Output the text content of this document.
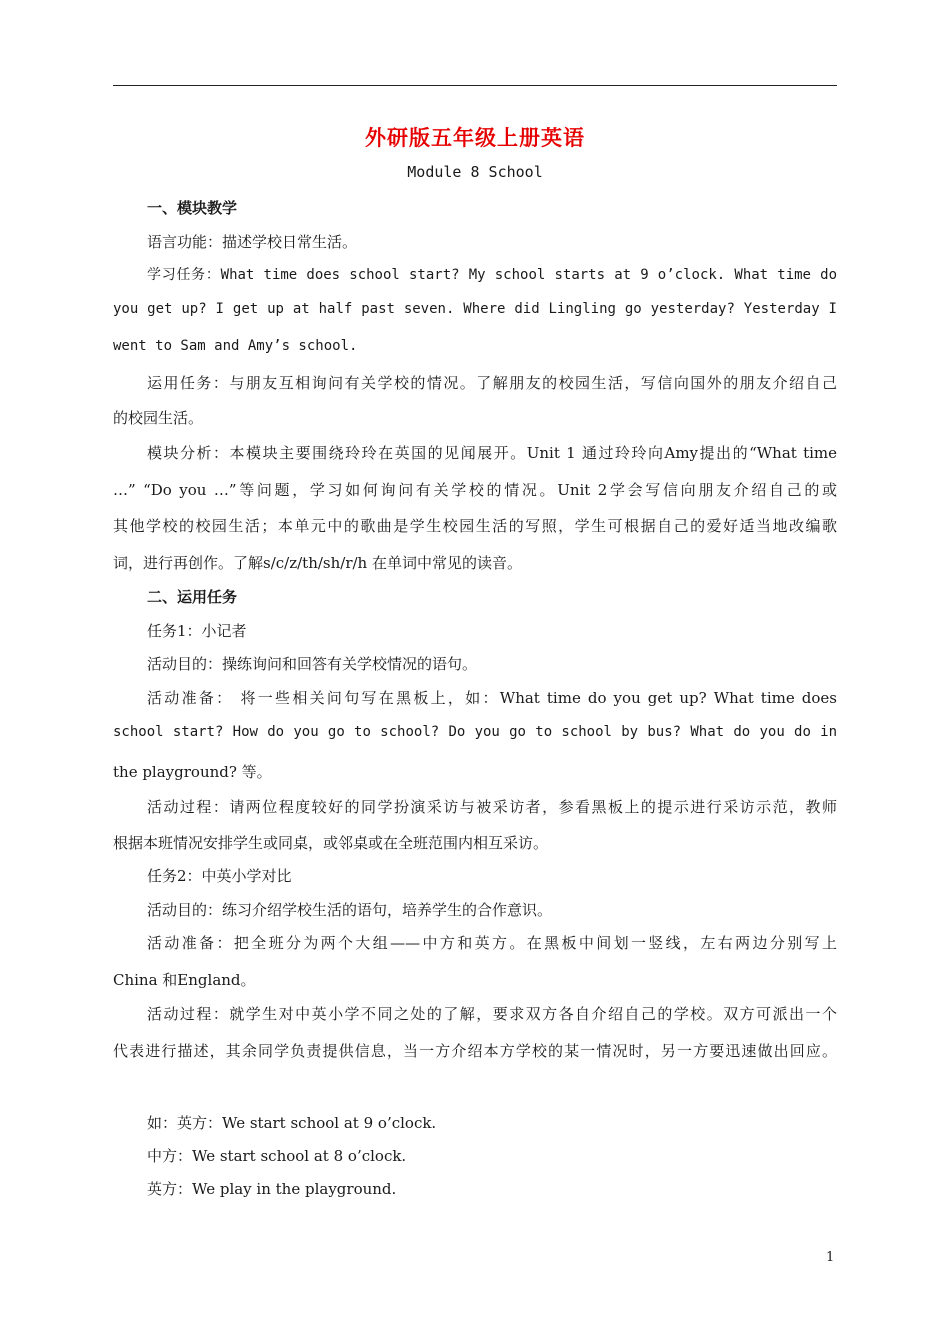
外研版五年级上册英语
Module 8 School
一、模块教学
语言功能：描述学校日常生活。
学习任务：What time does school start? My school starts at 9 o’clock. What time do
you get up? I get up at half past seven. Where did Lingling go yesterday? Yesterday I
went to Sam and Amy’s school.
运用任务：与朋友互相询问有关学校的情况。了解朋友的校园生活，写信向国外的朋友介绍自己
的校园生活。
模块分析：本模块主要围绕玲玲在英国的见闻展开。Unit 1 通过玲玲向Amy提出的“What time
…” “Do you …”等问题，学习如何询问有关学校的情况。Unit 2学会写信向朋友介绍自己的或
其他学校的校园生活；本单元中的歌曲是学生校园生活的写照，学生可根据自己的爱好适当地改编歌
词，进行再创作。了解s/c/z/th/sh/r/h 在单词中常见的读音。
二、运用任务
任务1：小记者
活动目的：操练询问和回答有关学校情况的语句。
活动准备： 将一些相关问句写在黑板上，如：What time do you get up? What time does
school start? How do you go to school? Do you go to school by bus? What do you do in
the playground? 等。
活动过程：请两位程度较好的同学扮演采访与被采访者，参看黑板上的提示进行采访示范，教师
根据本班情况安排学生或同桌，或邻桌或在全班范围内相互采访。
任务2：中英小学对比
活动目的：练习介绍学校生活的语句，培养学生的合作意识。
活动准备：把全班分为两个大组——中方和英方。在黑板中间划一竖线，左右两边分别写上
China 和England。
活动过程：就学生对中英小学不同之处的了解，要求双方各自介绍自己的学校。双方可派出一个
代表进行描述，其余同学负责提供信息，当一方介绍本方学校的某一情况时，另一方要迅速做出回应。
如：英方：We start school at 9 o’clock.
中方：We start school at 8 o’clock.
英方：We play in the playground.
1
